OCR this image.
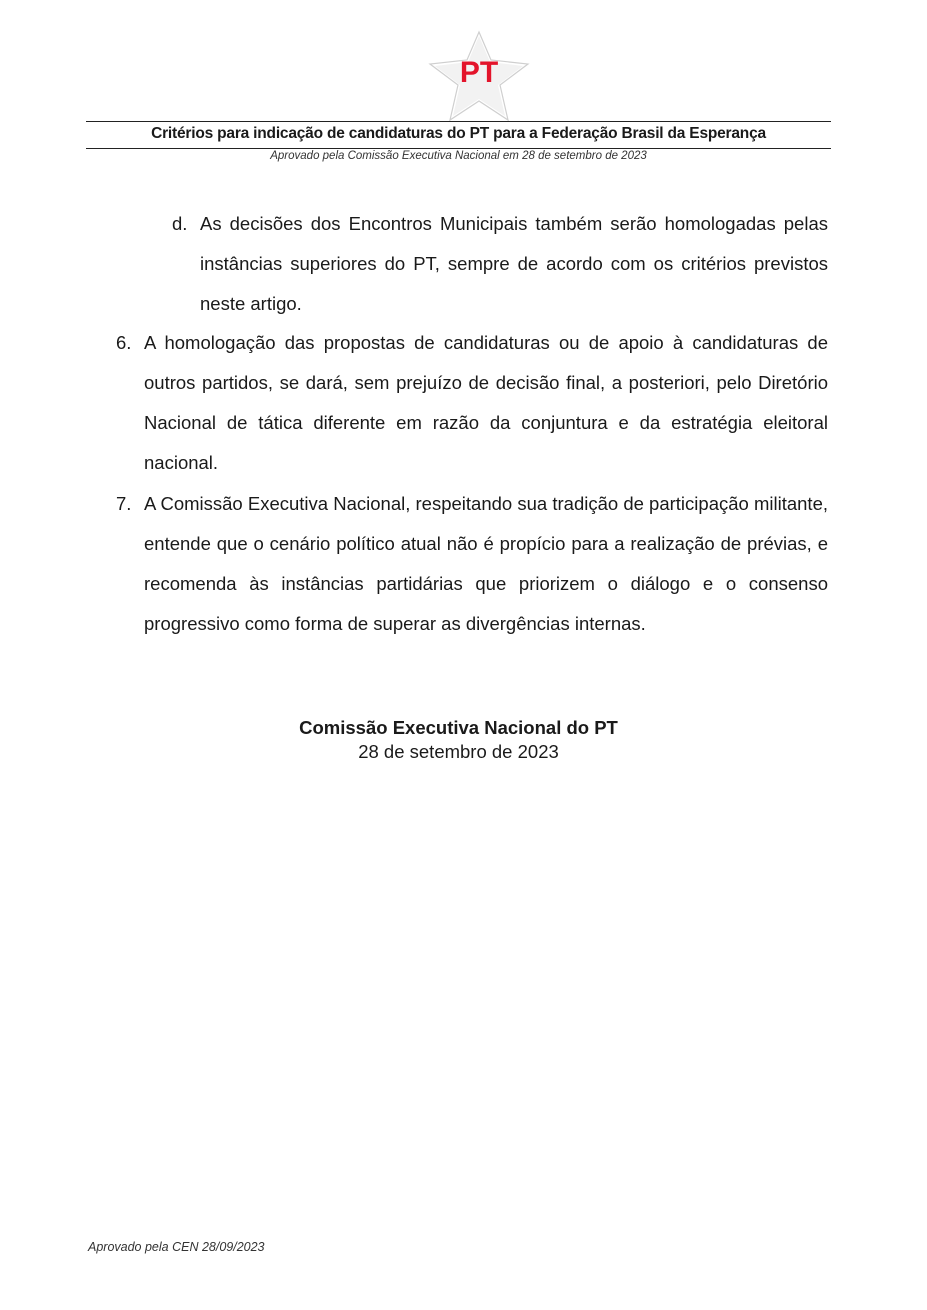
PT
Critérios para indicação de candidaturas do PT para a Federação Brasil da Esperança
Aprovado pela Comissão Executiva Nacional em 28 de setembro de 2023
d. As decisões dos Encontros Municipais também serão homologadas pelas instâncias superiores do PT, sempre de acordo com os critérios previstos neste artigo.
6. A homologação das propostas de candidaturas ou de apoio à candidaturas de outros partidos, se dará, sem prejuízo de decisão final, a posteriori, pelo Diretório Nacional de tática diferente em razão da conjuntura e da estratégia eleitoral nacional.
7. A Comissão Executiva Nacional, respeitando sua tradição de participação militante, entende que o cenário político atual não é propício para a realização de prévias, e recomenda às instâncias partidárias que priorizem o diálogo e o consenso progressivo como forma de superar as divergências internas.
Comissão Executiva Nacional do PT
28 de setembro de 2023
Aprovado pela CEN 28/09/2023
